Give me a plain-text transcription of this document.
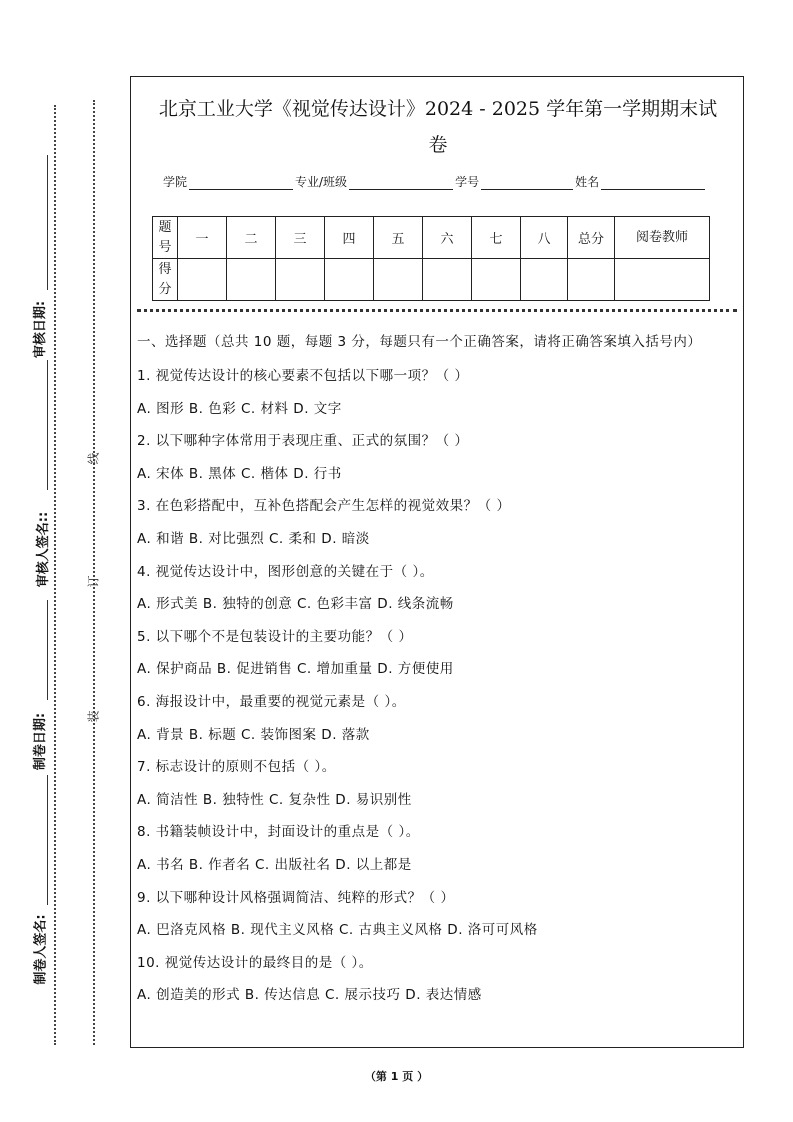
审核日期:
审核人签名::
制卷日期:
制卷人签名:
线
订
装
北京工业大学《视觉传达设计》2024 - 2025 学年第一学期期末试
卷
学院	专业/班级	学号	姓名
题号	一	二	三	四	五	六	七	八	总分	阅卷教师
得分										
一、选择题（总共 10 题，每题 3 分，每题只有一个正确答案，请将正确答案填入括号内）
1. 视觉传达设计的核心要素不包括以下哪一项？（ ）
A. 图形 B. 色彩 C. 材料 D. 文字
2. 以下哪种字体常用于表现庄重、正式的氛围？（ ）
A. 宋体 B. 黑体 C. 楷体 D. 行书
3. 在色彩搭配中，互补色搭配会产生怎样的视觉效果？（ ）
A. 和谐 B. 对比强烈 C. 柔和 D. 暗淡
4. 视觉传达设计中，图形创意的关键在于（ ）。
A. 形式美 B. 独特的创意 C. 色彩丰富 D. 线条流畅
5. 以下哪个不是包装设计的主要功能？（ ）
A. 保护商品 B. 促进销售 C. 增加重量 D. 方便使用
6. 海报设计中，最重要的视觉元素是（ ）。
A. 背景 B. 标题 C. 装饰图案 D. 落款
7. 标志设计的原则不包括（ ）。
A. 简洁性 B. 独特性 C. 复杂性 D. 易识别性
8. 书籍装帧设计中，封面设计的重点是（ ）。
A. 书名 B. 作者名 C. 出版社名 D. 以上都是
9. 以下哪种设计风格强调简洁、纯粹的形式？（ ）
A. 巴洛克风格 B. 现代主义风格 C. 古典主义风格 D. 洛可可风格
10. 视觉传达设计的最终目的是（ ）。
A. 创造美的形式 B. 传达信息 C. 展示技巧 D. 表达情感
（第 1 页 ）
